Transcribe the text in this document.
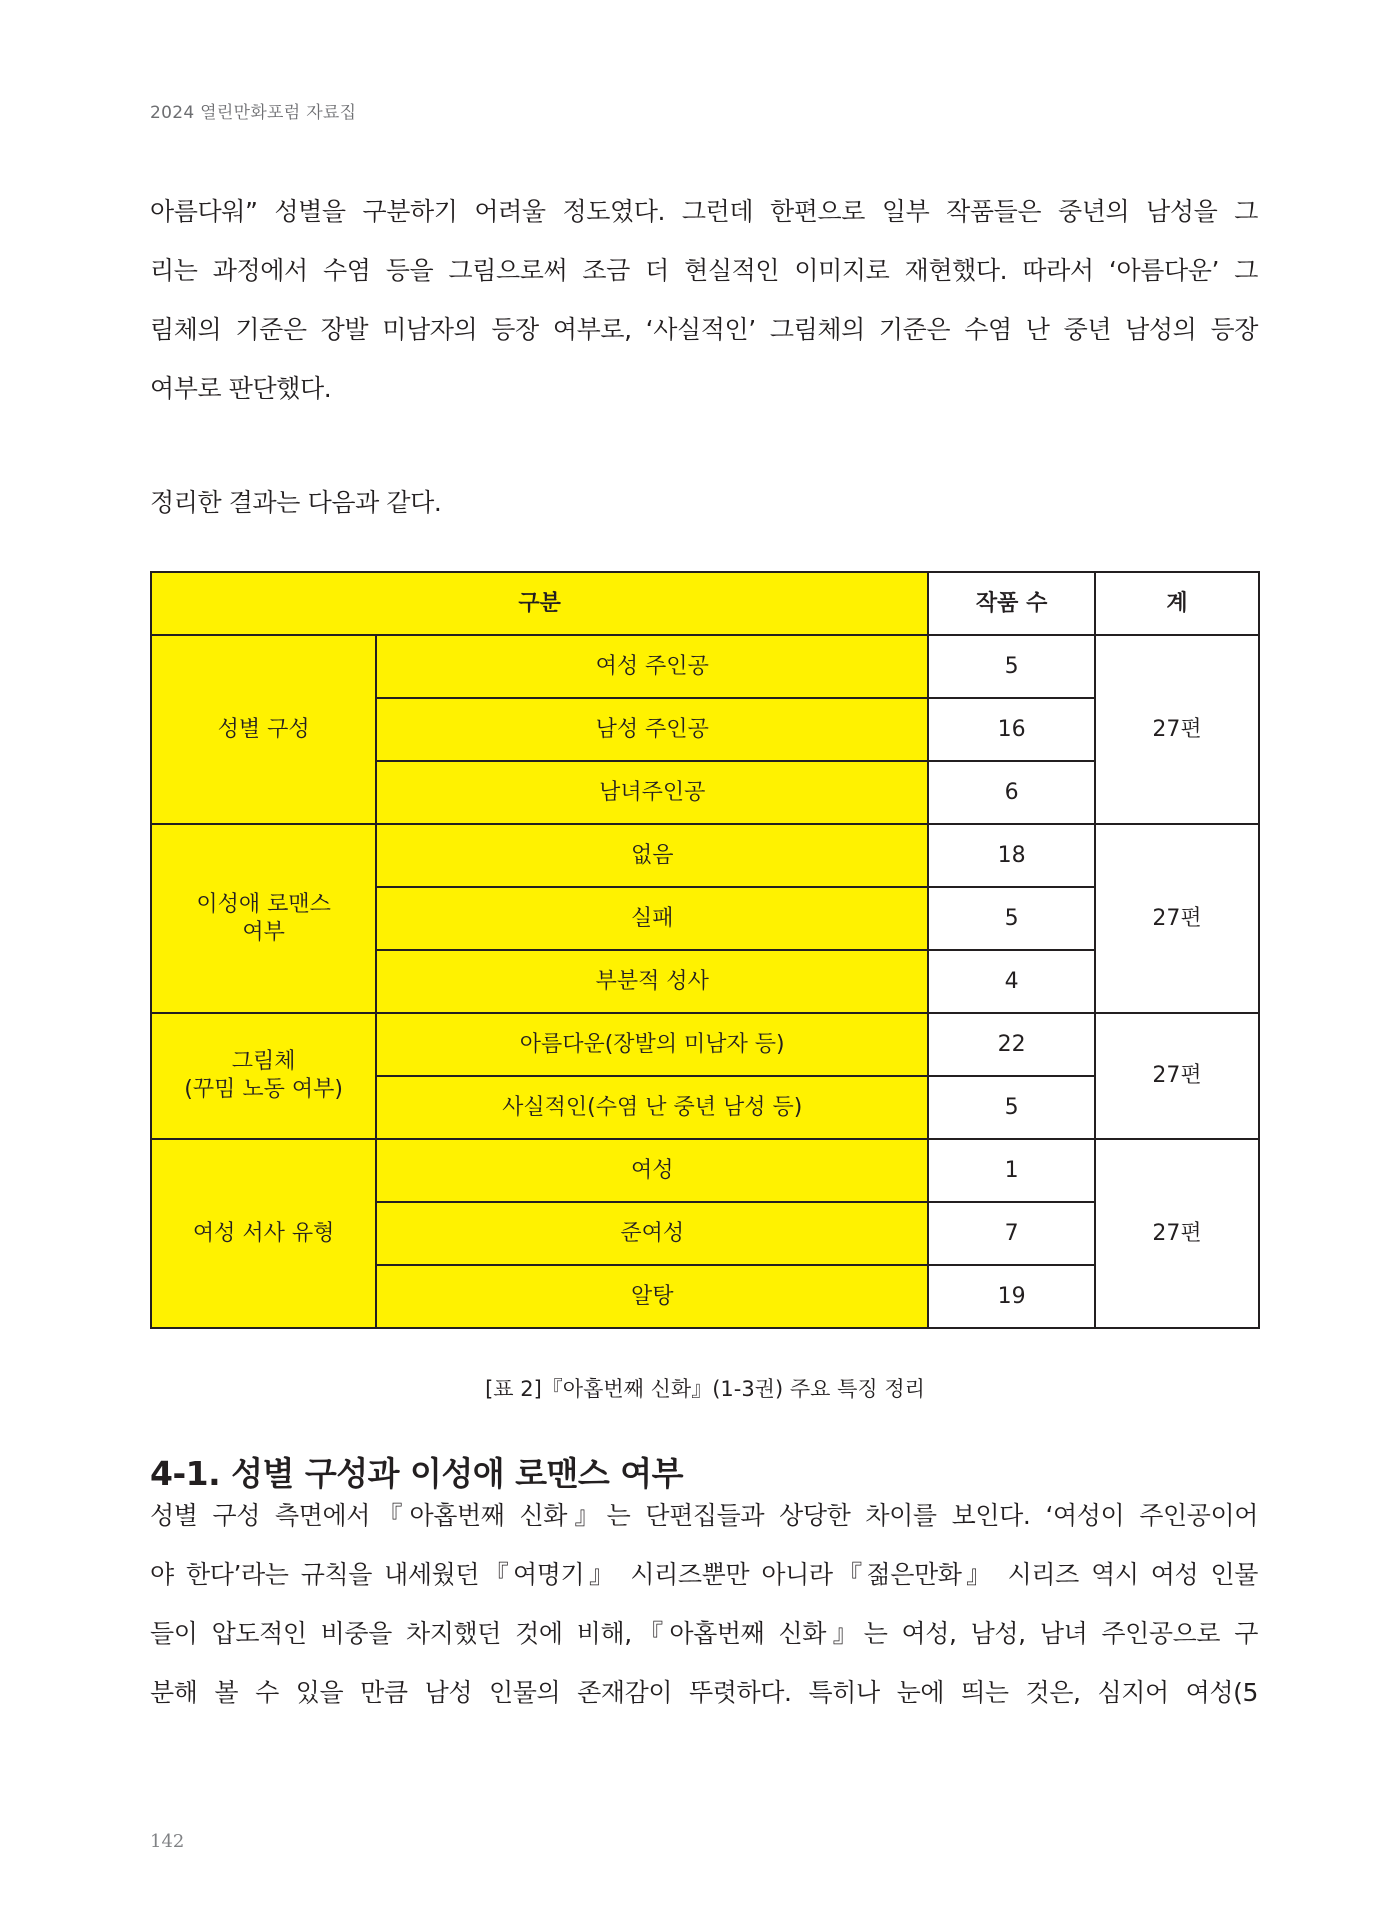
2024 열린만화포럼 자료집

아름다워” 성별을 구분하기 어려울 정도였다. 그런데 한편으로 일부 작품들은 중년의 남성을 그
리는 과정에서 수염 등을 그림으로써 조금 더 현실적인 이미지로 재현했다. 따라서 ‘아름다운’ 그
림체의 기준은 장발 미남자의 등장 여부로, ‘사실적인’ 그림체의 기준은 수염 난 중년 남성의 등장
여부로 판단했다.

정리한 결과는 다음과 같다.

구분		작품 수	계
성별 구성	여성 주인공	5	27편
	남성 주인공	16	
	남녀주인공	6	
이성애 로맨스
여부	없음	18	27편
	실패	5	
	부분적 성사	4	
그림체
(꾸밈 노동 여부)	아름다운(장발의 미남자 등)	22	27편
	사실적인(수염 난 중년 남성 등)	5	
여성 서사 유형	여성	1	27편
	준여성	7	
	알탕	19	
[표 2]『아홉번째 신화』(1-3권) 주요 특징 정리
4-1. 성별 구성과 이성애 로맨스 여부

성별 구성 측면에서『아홉번째 신화』는 단편집들과 상당한 차이를 보인다. ‘여성이 주인공이어
야 한다’라는 규칙을 내세웠던『여명기』 시리즈뿐만 아니라『젊은만화』 시리즈 역시 여성 인물
들이 압도적인 비중을 차지했던 것에 비해,『아홉번째 신화』는 여성, 남성, 남녀 주인공으로 구
분해 볼 수 있을 만큼 남성 인물의 존재감이 뚜렷하다. 특히나 눈에 띄는 것은, 심지어 여성(5

142
